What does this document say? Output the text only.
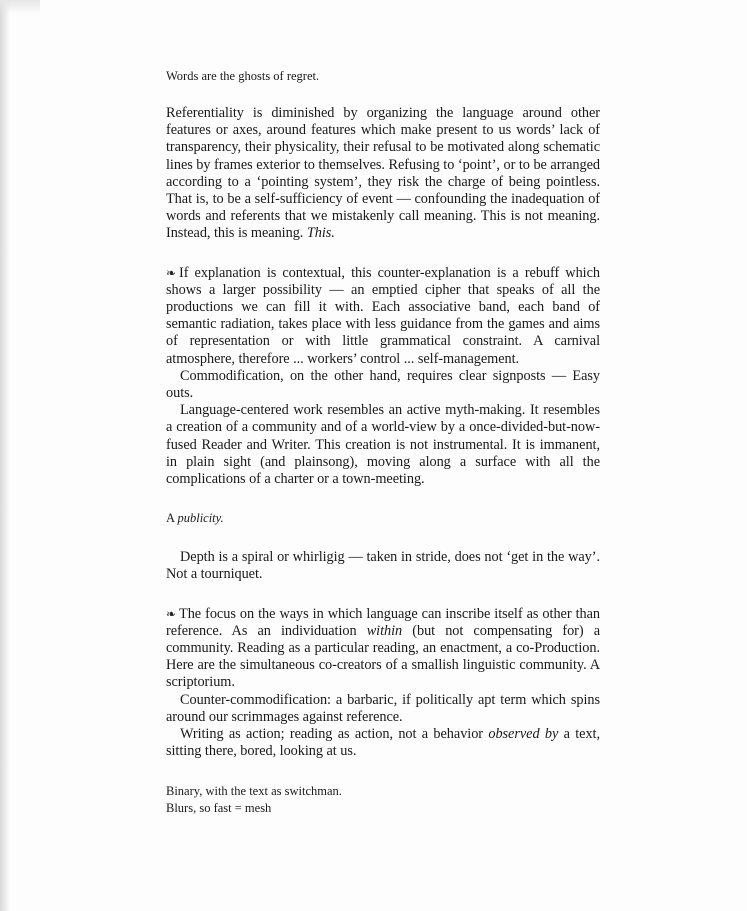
Words are the ghosts of regret.

Referentiality is diminished by organizing the language around other features or axes, around features which make present to us words’ lack of transparency, their physicality, their refusal to be motivated along schematic lines by frames exterior to themselves. Refusing to ‘point’, or to be arranged according to a ‘pointing system’, they risk the charge of being pointless. That is, to be a self-sufficiency of event — confounding the inadequation of words and referents that we mistakenly call meaning. This is not meaning. Instead, this is meaning. This.

❧ If explanation is contextual, this counter-explanation is a rebuff which shows a larger possibility — an emptied cipher that speaks of all the productions we can fill it with. Each associative band, each band of semantic radiation, takes place with less guidance from the games and aims of representation or with little grammatical constraint. A carnival atmosphere, therefore ... workers’ control ... self-management.

Commodification, on the other hand, requires clear signposts — Easy outs.

Language-centered work resembles an active myth-making. It resembles a creation of a community and of a world-view by a once-divided-but-now-fused Reader and Writer. This creation is not instrumental. It is immanent, in plain sight (and plainsong), moving along a surface with all the complications of a charter or a town-meeting.

A publicity.

Depth is a spiral or whirligig — taken in stride, does not ‘get in the way’. Not a tourniquet.

❧ The focus on the ways in which language can inscribe itself as other than reference. As an individuation within (but not compensating for) a community. Reading as a particular reading, an enactment, a co-Production. Here are the simultaneous co-creators of a smallish linguistic community. A scriptorium.

Counter-commodification: a barbaric, if politically apt term which spins around our scrimmages against reference.

Writing as action; reading as action, not a behavior observed by a text, sitting there, bored, looking at us.

Binary, with the text as switchman.

Blurs, so fast = mesh
